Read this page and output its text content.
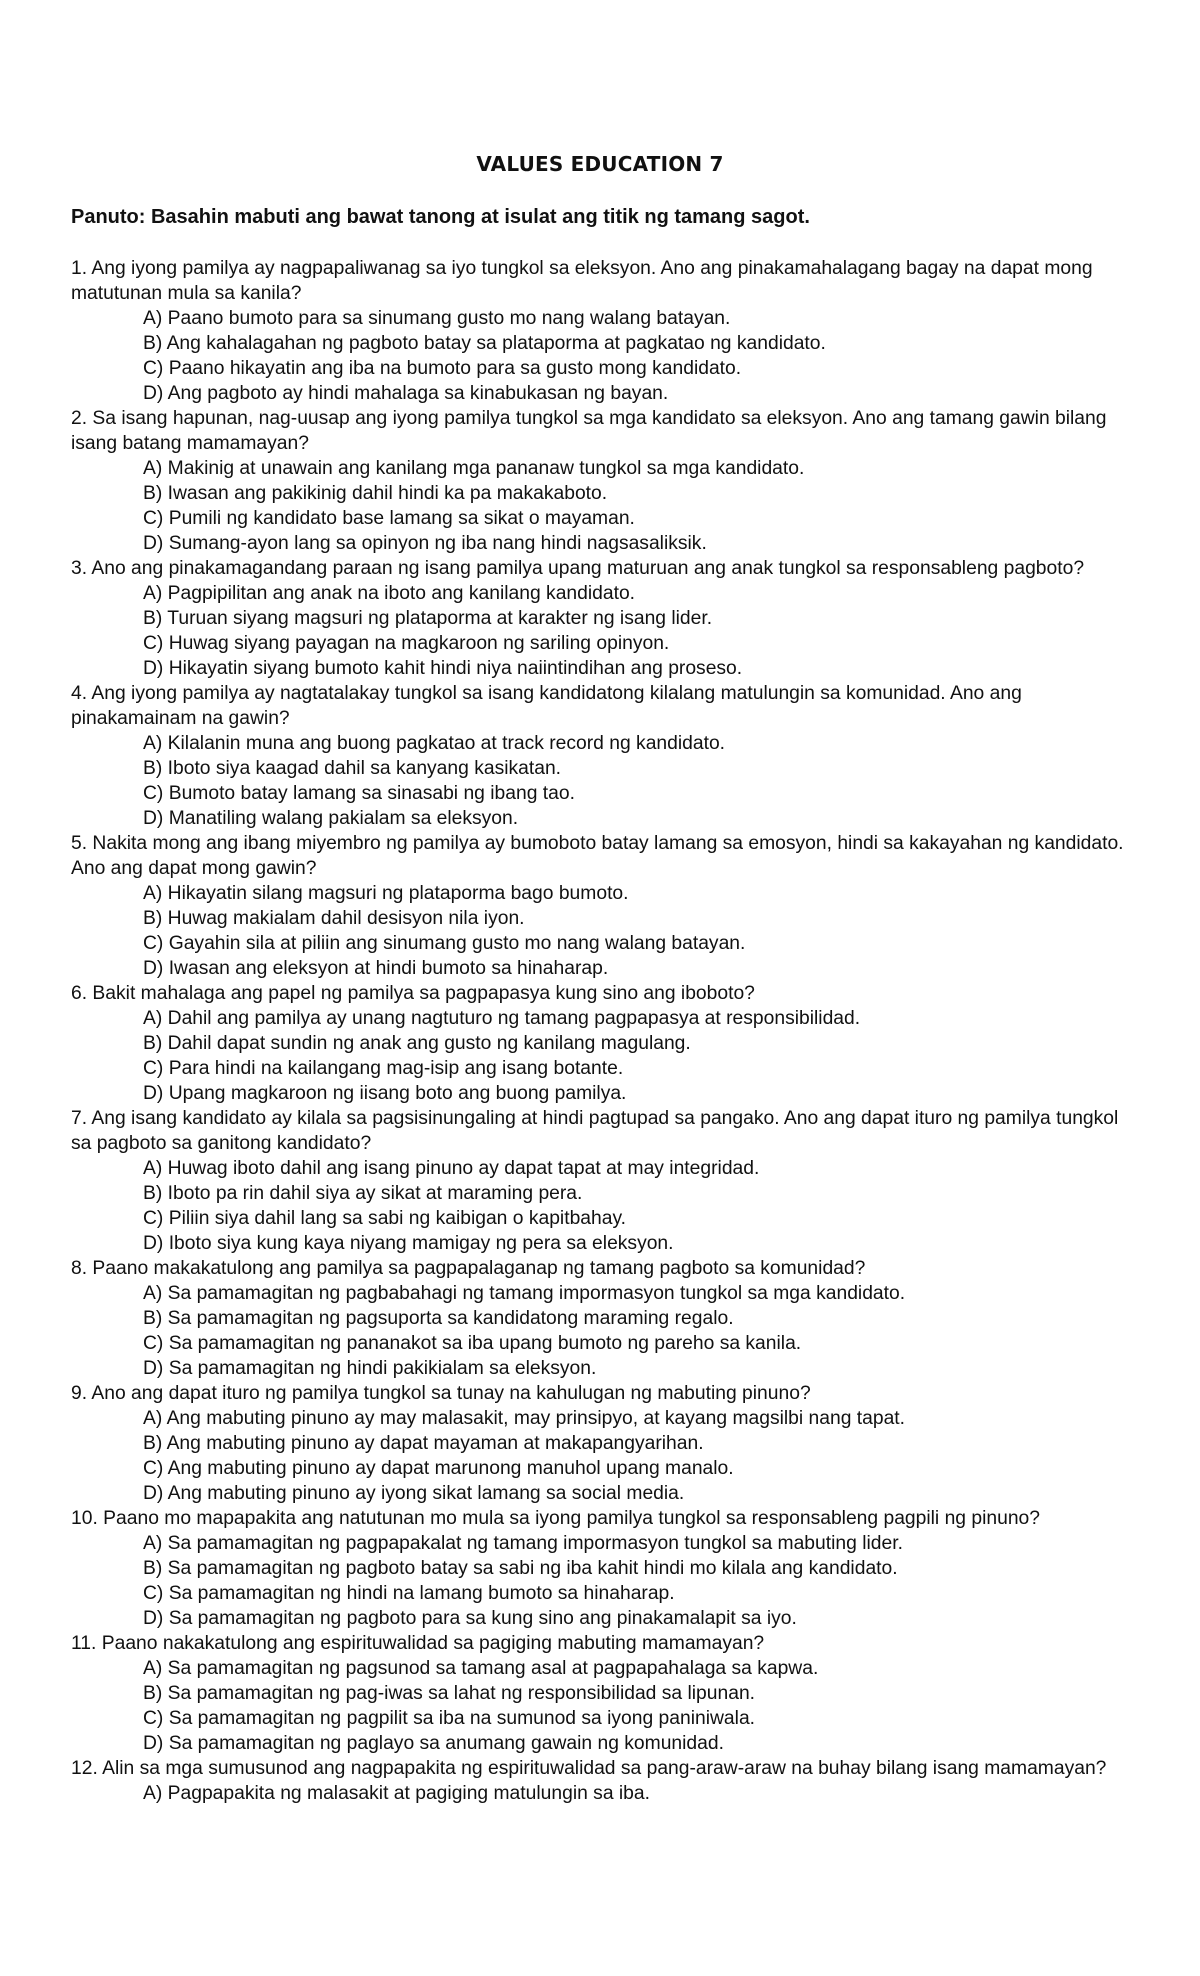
VALUES EDUCATION 7
Panuto: Basahin mabuti ang bawat tanong at isulat ang titik ng tamang sagot.

1. Ang iyong pamilya ay nagpapaliwanag sa iyo tungkol sa eleksyon. Ano ang pinakamahalagang bagay na dapat mong matutunan mula sa kanila?

A) Paano bumoto para sa sinumang gusto mo nang walang batayan.
B) Ang kahalagahan ng pagboto batay sa plataporma at pagkatao ng kandidato.
C) Paano hikayatin ang iba na bumoto para sa gusto mong kandidato.
D) Ang pagboto ay hindi mahalaga sa kinabukasan ng bayan.

2. Sa isang hapunan, nag-uusap ang iyong pamilya tungkol sa mga kandidato sa eleksyon. Ano ang tamang gawin bilang isang batang mamamayan?

A) Makinig at unawain ang kanilang mga pananaw tungkol sa mga kandidato.
B) Iwasan ang pakikinig dahil hindi ka pa makakaboto.
C) Pumili ng kandidato base lamang sa sikat o mayaman.
D) Sumang-ayon lang sa opinyon ng iba nang hindi nagsasaliksik.

3. Ano ang pinakamagandang paraan ng isang pamilya upang maturuan ang anak tungkol sa responsableng pagboto?

A) Pagpipilitan ang anak na iboto ang kanilang kandidato.
B) Turuan siyang magsuri ng plataporma at karakter ng isang lider.
C) Huwag siyang payagan na magkaroon ng sariling opinyon.
D) Hikayatin siyang bumoto kahit hindi niya naiintindihan ang proseso.

4. Ang iyong pamilya ay nagtatalakay tungkol sa isang kandidatong kilalang matulungin sa komunidad. Ano ang pinakamainam na gawin?

A) Kilalanin muna ang buong pagkatao at track record ng kandidato.
B) Iboto siya kaagad dahil sa kanyang kasikatan.
C) Bumoto batay lamang sa sinasabi ng ibang tao.
D) Manatiling walang pakialam sa eleksyon.

5. Nakita mong ang ibang miyembro ng pamilya ay bumoboto batay lamang sa emosyon, hindi sa kakayahan ng kandidato. Ano ang dapat mong gawin?

A) Hikayatin silang magsuri ng plataporma bago bumoto.
B) Huwag makialam dahil desisyon nila iyon.
C) Gayahin sila at piliin ang sinumang gusto mo nang walang batayan.
D) Iwasan ang eleksyon at hindi bumoto sa hinaharap.

6. Bakit mahalaga ang papel ng pamilya sa pagpapasya kung sino ang iboboto?

A) Dahil ang pamilya ay unang nagtuturo ng tamang pagpapasya at responsibilidad.
B) Dahil dapat sundin ng anak ang gusto ng kanilang magulang.
C) Para hindi na kailangang mag-isip ang isang botante.
D) Upang magkaroon ng iisang boto ang buong pamilya.

7. Ang isang kandidato ay kilala sa pagsisinungaling at hindi pagtupad sa pangako. Ano ang dapat ituro ng pamilya tungkol sa pagboto sa ganitong kandidato?

A) Huwag iboto dahil ang isang pinuno ay dapat tapat at may integridad.
B) Iboto pa rin dahil siya ay sikat at maraming pera.
C) Piliin siya dahil lang sa sabi ng kaibigan o kapitbahay.
D) Iboto siya kung kaya niyang mamigay ng pera sa eleksyon.

8. Paano makakatulong ang pamilya sa pagpapalaganap ng tamang pagboto sa komunidad?

A) Sa pamamagitan ng pagbabahagi ng tamang impormasyon tungkol sa mga kandidato.
B) Sa pamamagitan ng pagsuporta sa kandidatong maraming regalo.
C) Sa pamamagitan ng pananakot sa iba upang bumoto ng pareho sa kanila.
D) Sa pamamagitan ng hindi pakikialam sa eleksyon.

9. Ano ang dapat ituro ng pamilya tungkol sa tunay na kahulugan ng mabuting pinuno?

A) Ang mabuting pinuno ay may malasakit, may prinsipyo, at kayang magsilbi nang tapat.
B) Ang mabuting pinuno ay dapat mayaman at makapangyarihan.
C) Ang mabuting pinuno ay dapat marunong manuhol upang manalo.
D) Ang mabuting pinuno ay iyong sikat lamang sa social media.

10. Paano mo mapapakita ang natutunan mo mula sa iyong pamilya tungkol sa responsableng pagpili ng pinuno?

A) Sa pamamagitan ng pagpapakalat ng tamang impormasyon tungkol sa mabuting lider.
B) Sa pamamagitan ng pagboto batay sa sabi ng iba kahit hindi mo kilala ang kandidato.
C) Sa pamamagitan ng hindi na lamang bumoto sa hinaharap.
D) Sa pamamagitan ng pagboto para sa kung sino ang pinakamalapit sa iyo.

11. Paano nakakatulong ang espirituwalidad sa pagiging mabuting mamamayan?

A) Sa pamamagitan ng pagsunod sa tamang asal at pagpapahalaga sa kapwa.
B) Sa pamamagitan ng pag-iwas sa lahat ng responsibilidad sa lipunan.
C) Sa pamamagitan ng pagpilit sa iba na sumunod sa iyong paniniwala.
D) Sa pamamagitan ng paglayo sa anumang gawain ng komunidad.

12. Alin sa mga sumusunod ang nagpapakita ng espirituwalidad sa pang-araw-araw na buhay bilang isang mamamayan?

A) Pagpapakita ng malasakit at pagiging matulungin sa iba.
